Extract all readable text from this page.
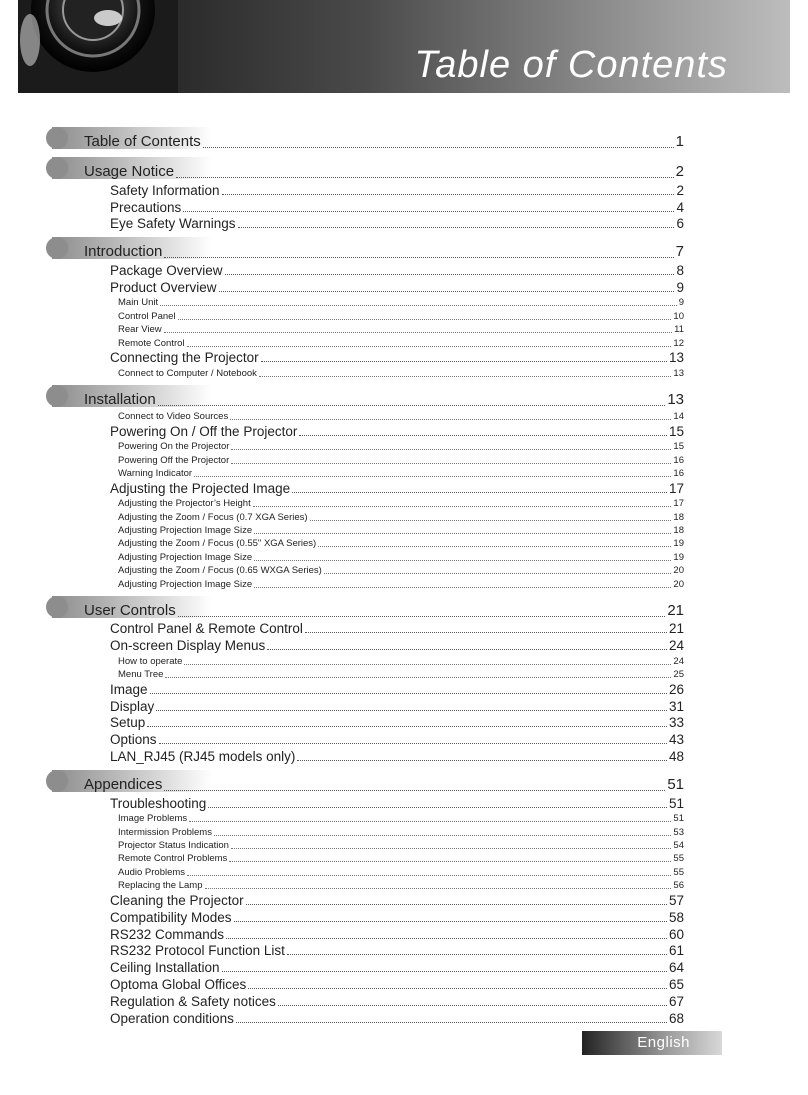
Table of Contents
Table of Contents	1
Usage Notice	2
Safety Information	2
Precautions	4
Eye Safety Warnings	6
Introduction	7
Package Overview	8
Product Overview	9
Main Unit	9
Control Panel	10
Rear View	11
Remote Control	12
Connecting the Projector	13
Connect to Computer / Notebook	13
Installation	13
Connect to Video Sources	14
Powering On / Off the Projector	15
Powering On the Projector	15
Powering Off the Projector	16
Warning Indicator	16
Adjusting the Projected Image	17
Adjusting the Projector’s Height	17
Adjusting the Zoom / Focus (0.7 XGA Series)	18
Adjusting Projection Image Size	18
Adjusting the Zoom / Focus (0.55" XGA Series)	19
Adjusting Projection Image Size	19
Adjusting the Zoom / Focus (0.65 WXGA Series)	20
Adjusting Projection Image Size	20
User Controls	21
Control Panel & Remote Control	21
On-screen Display Menus	24
How to operate	24
Menu Tree	25
Image	26
Display	31
Setup	33
Options	43
LAN_RJ45 (RJ45 models only)	48
Appendices	51
Troubleshooting	51
Image Problems	51
Intermission Problems	53
Projector Status Indication	54
Remote Control Problems	55
Audio Problems	55
Replacing the Lamp	56
Cleaning the Projector	57
Compatibility Modes	58
RS232 Commands	60
RS232 Protocol Function List	61
Ceiling Installation	64
Optoma Global Offices	65
Regulation & Safety notices	67
Operation conditions	68
English
